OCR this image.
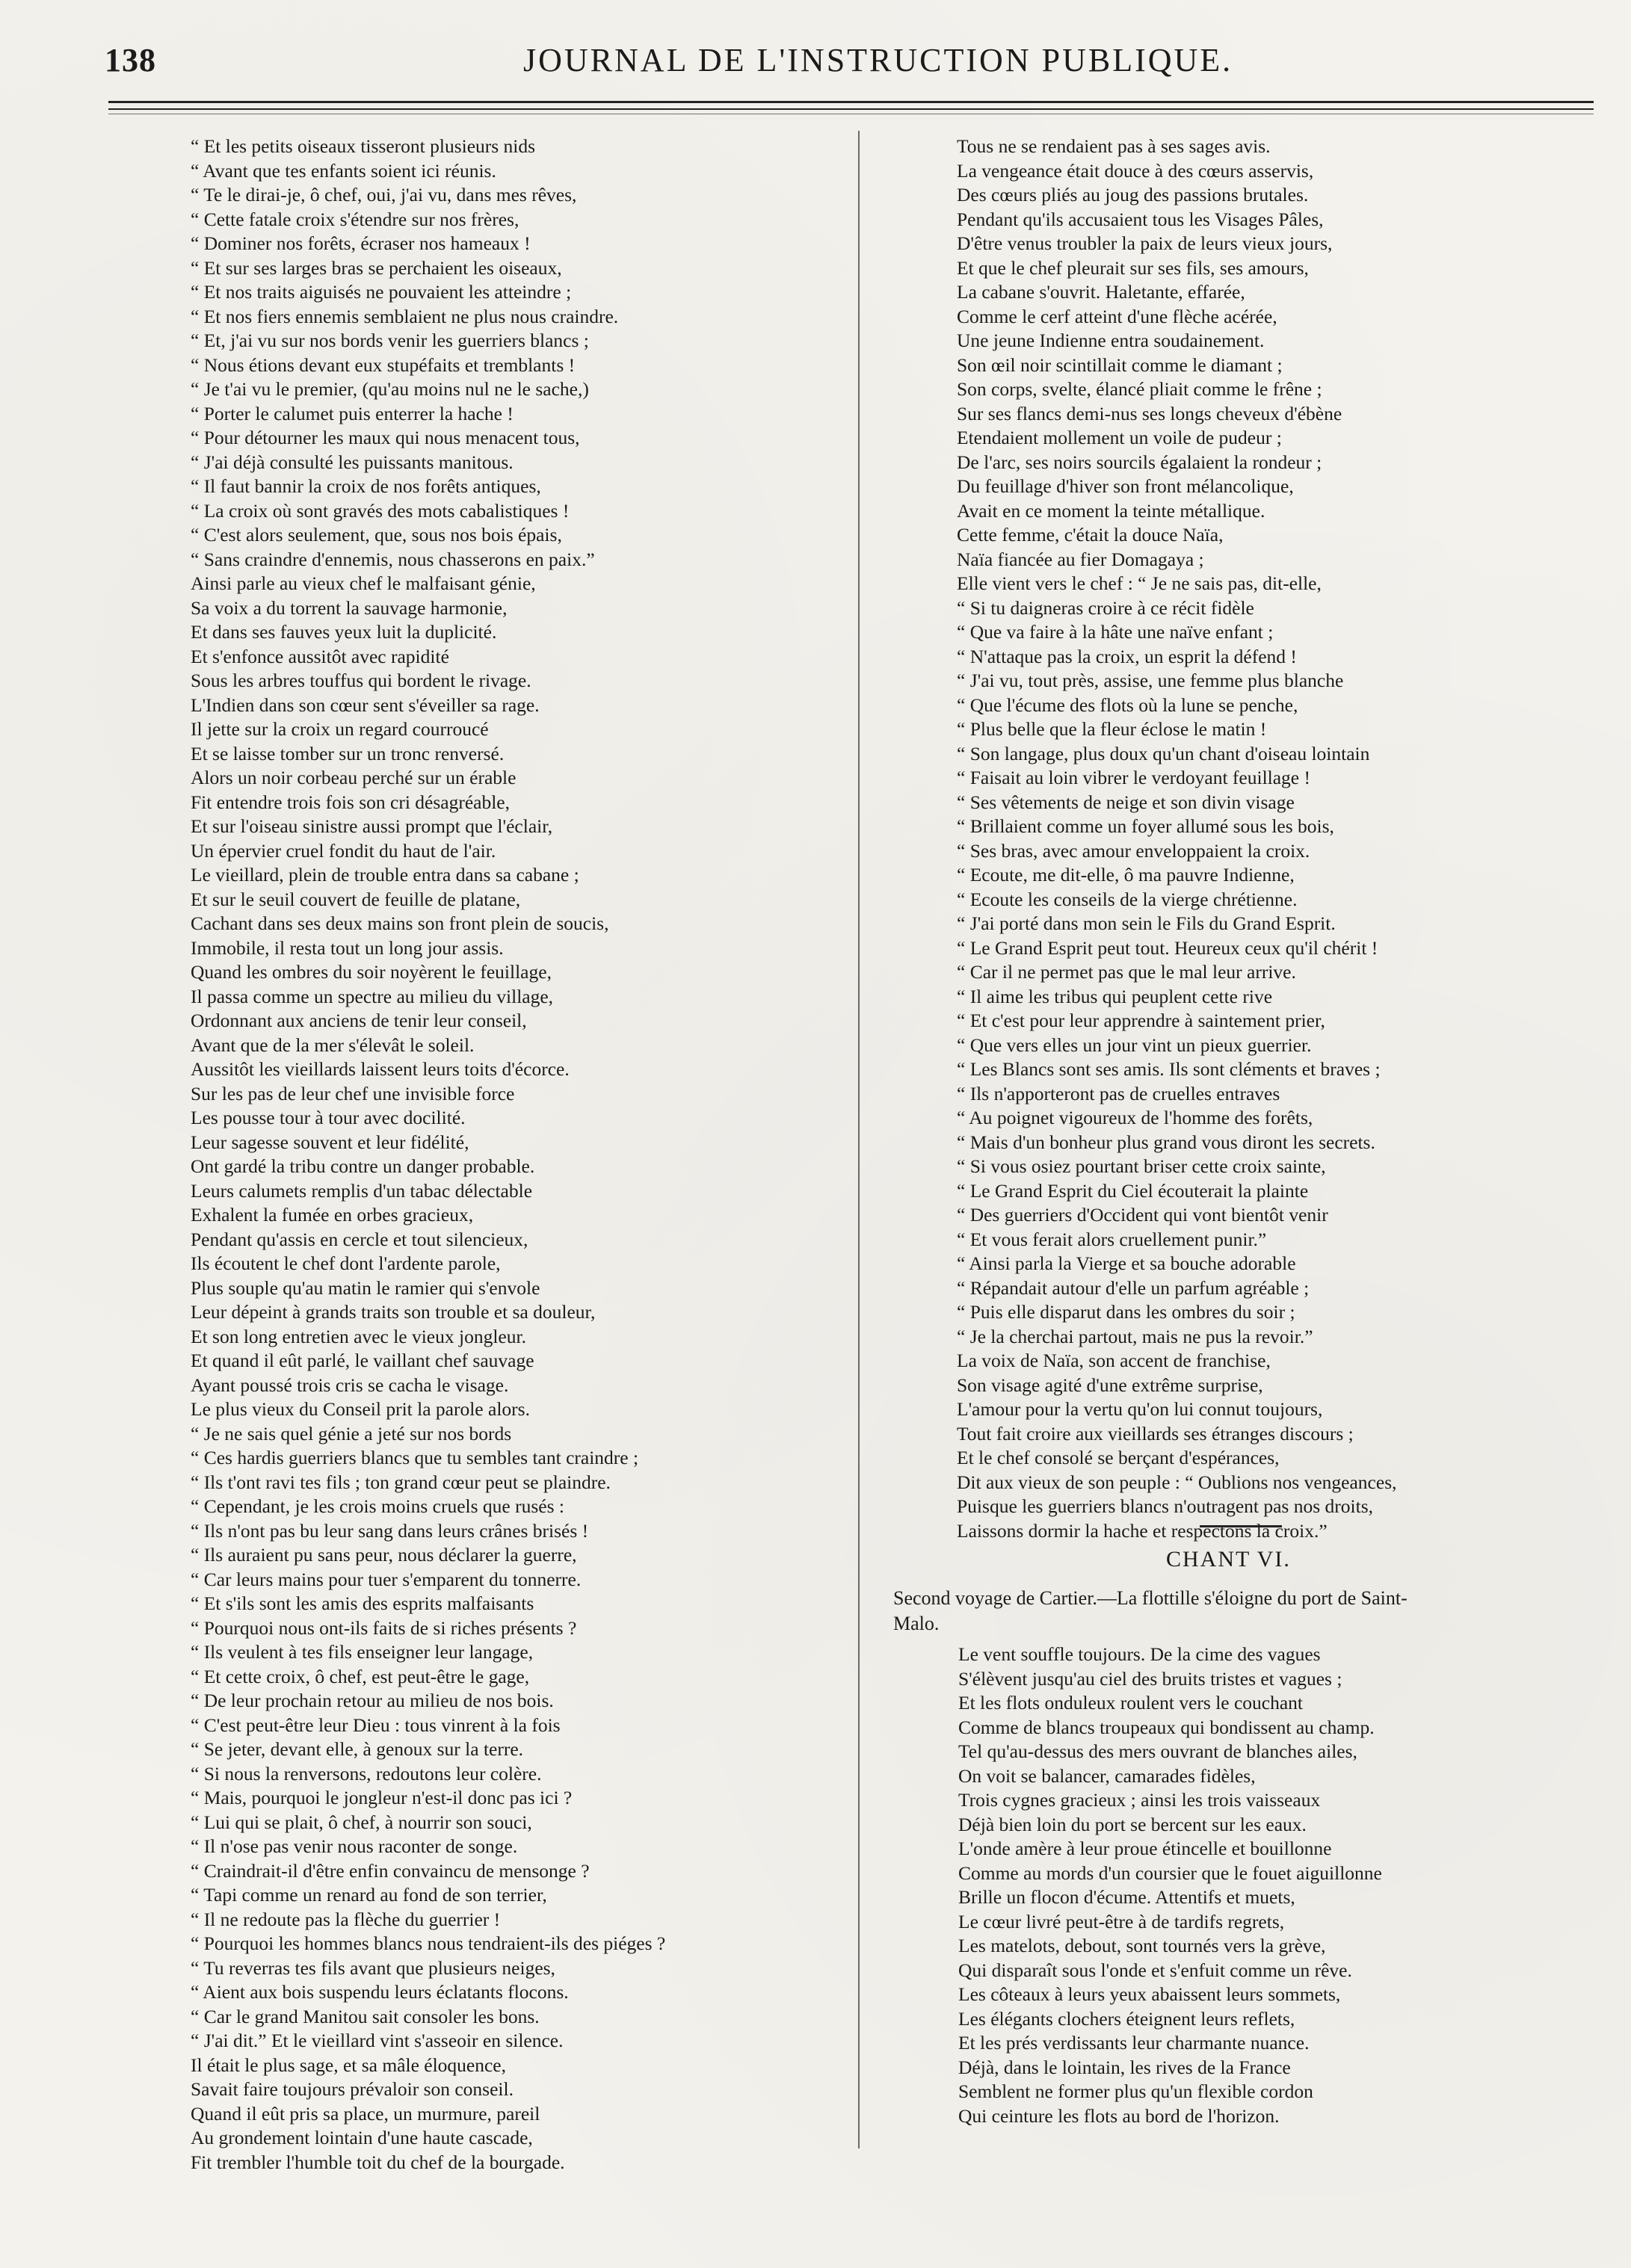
138	JOURNAL DE L'INSTRUCTION PUBLIQUE.
“ Et les petits oiseaux tisseront plusieurs nids
“ Avant que tes enfants soient ici réunis.
“ Te le dirai-je, ô chef, oui, j'ai vu, dans mes rêves,
“ Cette fatale croix s'étendre sur nos frères,
“ Dominer nos forêts, écraser nos hameaux !
“ Et sur ses larges bras se perchaient les oiseaux,
“ Et nos traits aiguisés ne pouvaient les atteindre ;
“ Et nos fiers ennemis semblaient ne plus nous craindre.
“ Et, j'ai vu sur nos bords venir les guerriers blancs ;
“ Nous étions devant eux stupéfaits et tremblants !
“ Je t'ai vu le premier, (qu'au moins nul ne le sache,)
“ Porter le calumet puis enterrer la hache !
“ Pour détourner les maux qui nous menacent tous,
“ J'ai déjà consulté les puissants manitous.
“ Il faut bannir la croix de nos forêts antiques,
“ La croix où sont gravés des mots cabalistiques !
“ C'est alors seulement, que, sous nos bois épais,
“ Sans craindre d'ennemis, nous chasserons en paix.”
Ainsi parle au vieux chef le malfaisant génie,
Sa voix a du torrent la sauvage harmonie,
Et dans ses fauves yeux luit la duplicité.
Et s'enfonce aussitôt avec rapidité
Sous les arbres touffus qui bordent le rivage.
L'Indien dans son cœur sent s'éveiller sa rage.
Il jette sur la croix un regard courroucé
Et se laisse tomber sur un tronc renversé.
Alors un noir corbeau perché sur un érable
Fit entendre trois fois son cri désagréable,
Et sur l'oiseau sinistre aussi prompt que l'éclair,
Un épervier cruel fondit du haut de l'air.
Le vieillard, plein de trouble entra dans sa cabane ;
Et sur le seuil couvert de feuille de platane,
Cachant dans ses deux mains son front plein de soucis,
Immobile, il resta tout un long jour assis.
Quand les ombres du soir noyèrent le feuillage,
Il passa comme un spectre au milieu du village,
Ordonnant aux anciens de tenir leur conseil,
Avant que de la mer s'élevât le soleil.
Aussitôt les vieillards laissent leurs toits d'écorce.
Sur les pas de leur chef une invisible force
Les pousse tour à tour avec docilité.
Leur sagesse souvent et leur fidélité,
Ont gardé la tribu contre un danger probable.
Leurs calumets remplis d'un tabac délectable
Exhalent la fumée en orbes gracieux,
Pendant qu'assis en cercle et tout silencieux,
Ils écoutent le chef dont l'ardente parole,
Plus souple qu'au matin le ramier qui s'envole
Leur dépeint à grands traits son trouble et sa douleur,
Et son long entretien avec le vieux jongleur.
Et quand il eût parlé, le vaillant chef sauvage
Ayant poussé trois cris se cacha le visage.
Le plus vieux du Conseil prit la parole alors.
“ Je ne sais quel génie a jeté sur nos bords
“ Ces hardis guerriers blancs que tu sembles tant craindre ;
“ Ils t'ont ravi tes fils ; ton grand cœur peut se plaindre.
“ Cependant, je les crois moins cruels que rusés :
“ Ils n'ont pas bu leur sang dans leurs crânes brisés !
“ Ils auraient pu sans peur, nous déclarer la guerre,
“ Car leurs mains pour tuer s'emparent du tonnerre.
“ Et s'ils sont les amis des esprits malfaisants
“ Pourquoi nous ont-ils faits de si riches présents ?
“ Ils veulent à tes fils enseigner leur langage,
“ Et cette croix, ô chef, est peut-être le gage,
“ De leur prochain retour au milieu de nos bois.
“ C'est peut-être leur Dieu : tous vinrent à la fois
“ Se jeter, devant elle, à genoux sur la terre.
“ Si nous la renversons, redoutons leur colère.
“ Mais, pourquoi le jongleur n'est-il donc pas ici ?
“ Lui qui se plait, ô chef, à nourrir son souci,
“ Il n'ose pas venir nous raconter de songe.
“ Craindrait-il d'être enfin convaincu de mensonge ?
“ Tapi comme un renard au fond de son terrier,
“ Il ne redoute pas la flèche du guerrier !
“ Pourquoi les hommes blancs nous tendraient-ils des piéges ?
“ Tu reverras tes fils avant que plusieurs neiges,
“ Aient aux bois suspendu leurs éclatants flocons.
“ Car le grand Manitou sait consoler les bons.
“ J'ai dit.” Et le vieillard vint s'asseoir en silence.
Il était le plus sage, et sa mâle éloquence,
Savait faire toujours prévaloir son conseil.
Quand il eût pris sa place, un murmure, pareil
Au grondement lointain d'une haute cascade,
Fit trembler l'humble toit du chef de la bourgade.
Tous ne se rendaient pas à ses sages avis.
La vengeance était douce à des cœurs asservis,
Des cœurs pliés au joug des passions brutales.
Pendant qu'ils accusaient tous les Visages Pâles,
D'être venus troubler la paix de leurs vieux jours,
Et que le chef pleurait sur ses fils, ses amours,
La cabane s'ouvrit. Haletante, effarée,
Comme le cerf atteint d'une flèche acérée,
Une jeune Indienne entra soudainement.
Son œil noir scintillait comme le diamant ;
Son corps, svelte, élancé pliait comme le frêne ;
Sur ses flancs demi-nus ses longs cheveux d'ébène
Etendaient mollement un voile de pudeur ;
De l'arc, ses noirs sourcils égalaient la rondeur ;
Du feuillage d'hiver son front mélancolique,
Avait en ce moment la teinte métallique.
Cette femme, c'était la douce Naïa,
Naïa fiancée au fier Domagaya ;
Elle vient vers le chef : “ Je ne sais pas, dit-elle,
“ Si tu daigneras croire à ce récit fidèle
“ Que va faire à la hâte une naïve enfant ;
“ N'attaque pas la croix, un esprit la défend !
“ J'ai vu, tout près, assise, une femme plus blanche
“ Que l'écume des flots où la lune se penche,
“ Plus belle que la fleur éclose le matin !
“ Son langage, plus doux qu'un chant d'oiseau lointain
“ Faisait au loin vibrer le verdoyant feuillage !
“ Ses vêtements de neige et son divin visage
“ Brillaient comme un foyer allumé sous les bois,
“ Ses bras, avec amour enveloppaient la croix.
“ Ecoute, me dit-elle, ô ma pauvre Indienne,
“ Ecoute les conseils de la vierge chrétienne.
“ J'ai porté dans mon sein le Fils du Grand Esprit.
“ Le Grand Esprit peut tout. Heureux ceux qu'il chérit !
“ Car il ne permet pas que le mal leur arrive.
“ Il aime les tribus qui peuplent cette rive
“ Et c'est pour leur apprendre à saintement prier,
“ Que vers elles un jour vint un pieux guerrier.
“ Les Blancs sont ses amis. Ils sont cléments et braves ;
“ Ils n'apporteront pas de cruelles entraves
“ Au poignet vigoureux de l'homme des forêts,
“ Mais d'un bonheur plus grand vous diront les secrets.
“ Si vous osiez pourtant briser cette croix sainte,
“ Le Grand Esprit du Ciel écouterait la plainte
“ Des guerriers d'Occident qui vont bientôt venir
“ Et vous ferait alors cruellement punir.”
“ Ainsi parla la Vierge et sa bouche adorable
“ Répandait autour d'elle un parfum agréable ;
“ Puis elle disparut dans les ombres du soir ;
“ Je la cherchai partout, mais ne pus la revoir.”
La voix de Naïa, son accent de franchise,
Son visage agité d'une extrême surprise,
L'amour pour la vertu qu'on lui connut toujours,
Tout fait croire aux vieillards ses étranges discours ;
Et le chef consolé se berçant d'espérances,
Dit aux vieux de son peuple : “ Oublions nos vengeances,
Puisque les guerriers blancs n'outragent pas nos droits,
Laissons dormir la hache et respectons la croix.”
CHANT VI.
Second voyage de Cartier.—La flottille s'éloigne du port de Saint-
Malo.
Le vent souffle toujours. De la cime des vagues
S'élèvent jusqu'au ciel des bruits tristes et vagues ;
Et les flots onduleux roulent vers le couchant
Comme de blancs troupeaux qui bondissent au champ.
Tel qu'au-dessus des mers ouvrant de blanches ailes,
On voit se balancer, camarades fidèles,
Trois cygnes gracieux ; ainsi les trois vaisseaux
Déjà bien loin du port se bercent sur les eaux.
L'onde amère à leur proue étincelle et bouillonne
Comme au mords d'un coursier que le fouet aiguillonne
Brille un flocon d'écume. Attentifs et muets,
Le cœur livré peut-être à de tardifs regrets,
Les matelots, debout, sont tournés vers la grève,
Qui disparaît sous l'onde et s'enfuit comme un rêve.
Les côteaux à leurs yeux abaissent leurs sommets,
Les élégants clochers éteignent leurs reflets,
Et les prés verdissants leur charmante nuance.
Déjà, dans le lointain, les rives de la France
Semblent ne former plus qu'un flexible cordon
Qui ceinture les flots au bord de l'horizon.
